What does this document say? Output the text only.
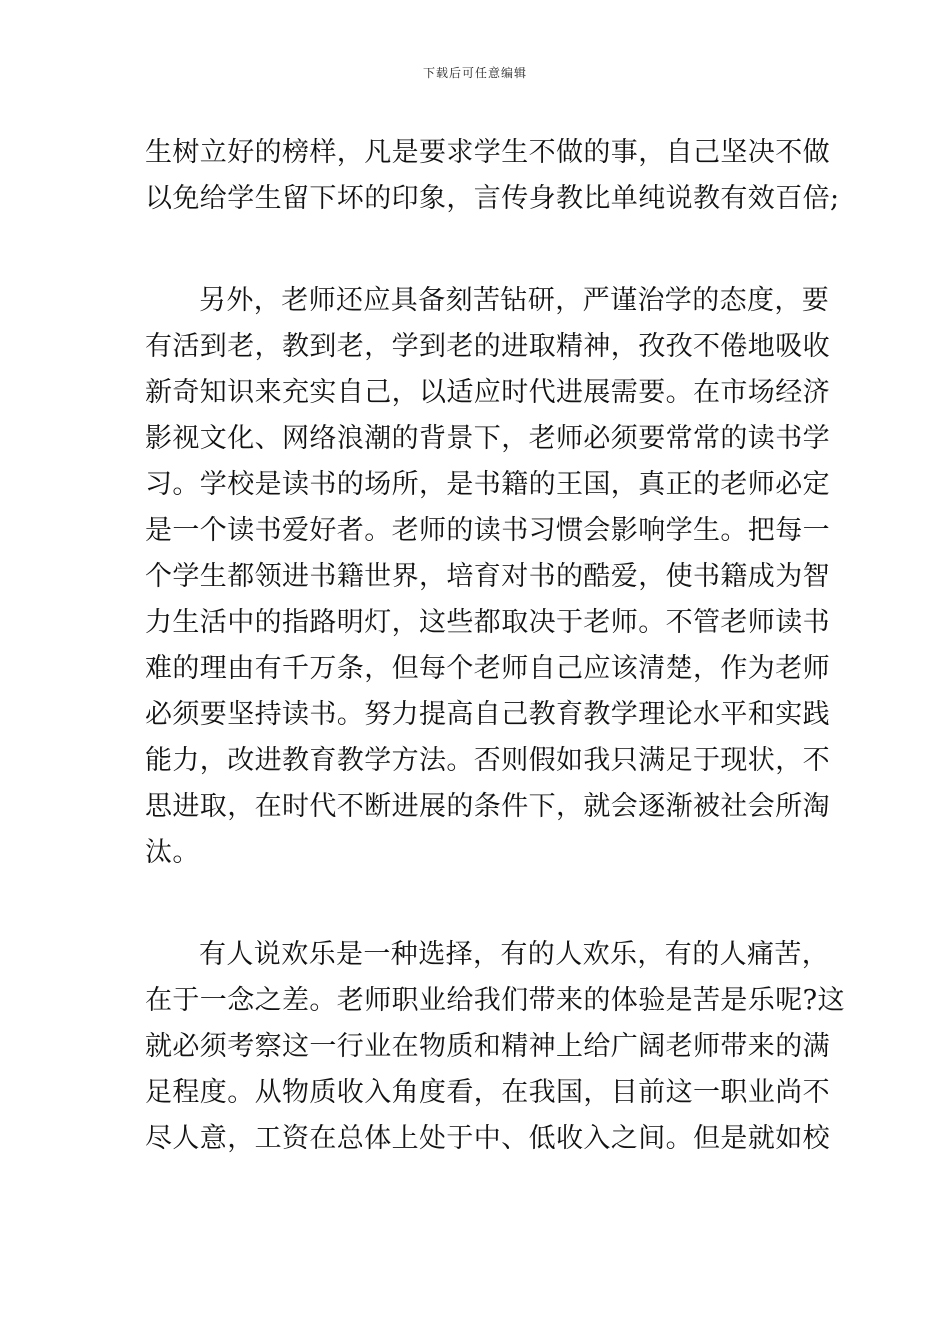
下载后可任意编辑
生树立好的榜样，凡是要求学生不做的事，自己坚决不做
以免给学生留下坏的印象，言传身教比单纯说教有效百倍;
另外，老师还应具备刻苦钻研，严谨治学的态度，要
有活到老，教到老，学到老的进取精神，孜孜不倦地吸收
新奇知识来充实自己，以适应时代进展需要。在市场经济
影视文化、网络浪潮的背景下，老师必须要常常的读书学
习。学校是读书的场所，是书籍的王国，真正的老师必定
是一个读书爱好者。老师的读书习惯会影响学生。把每一
个学生都领进书籍世界，培育对书的酷爱，使书籍成为智
力生活中的指路明灯，这些都取决于老师。不管老师读书
难的理由有千万条，但每个老师自己应该清楚，作为老师
必须要坚持读书。努力提高自己教育教学理论水平和实践
能力，改进教育教学方法。否则假如我只满足于现状，不
思进取，在时代不断进展的条件下，就会逐渐被社会所淘
汰。
有人说欢乐是一种选择，有的人欢乐，有的人痛苦，
在于一念之差。老师职业给我们带来的体验是苦是乐呢?这
就必须考察这一行业在物质和精神上给广阔老师带来的满
足程度。从物质收入角度看，在我国，目前这一职业尚不
尽人意，工资在总体上处于中、低收入之间。但是就如校
